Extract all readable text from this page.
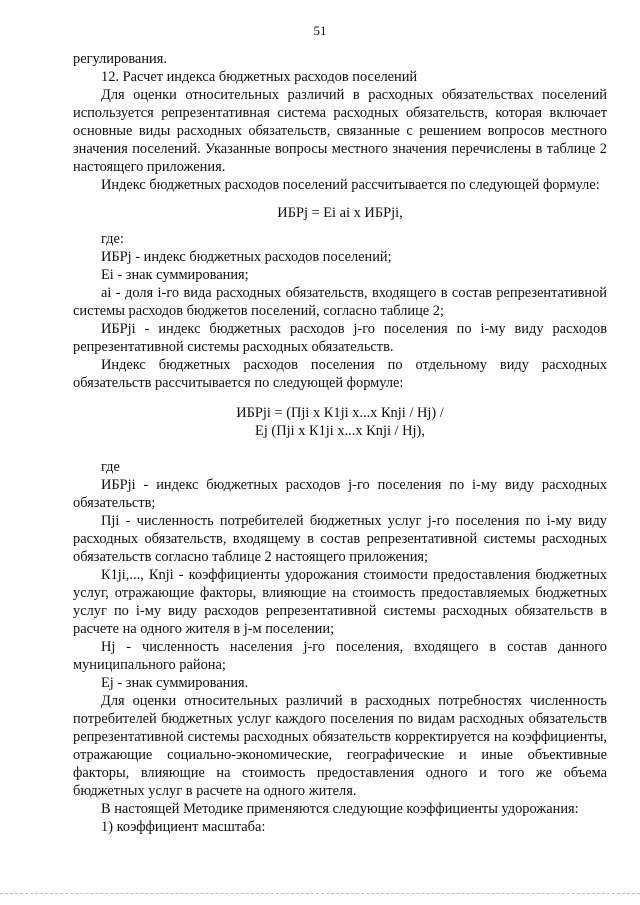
51

регулирования.

12. Расчет индекса бюджетных расходов поселений

Для оценки относительных различий в расходных обязательствах поселений используется репрезентативная система расходных обязательств, которая включает основные виды расходных обязательств, связанные с решением вопросов местного значения поселений. Указанные вопросы местного значения перечислены в таблице 2 настоящего приложения.

Индекс бюджетных расходов поселений рассчитывается по следующей формуле:

ИБРj = Ei ai x ИБРji,

где:

ИБРj - индекс бюджетных расходов поселений;

Ei - знак суммирования;

ai - доля i-го вида расходных обязательств, входящего в состав репрезентативной системы расходов бюджетов поселений, согласно таблице 2;

ИБРji - индекс бюджетных расходов j-го поселения по i-му виду расходов репрезентативной системы расходных обязательств.

Индекс бюджетных расходов поселения по отдельному виду расходных обязательств рассчитывается по следующей формуле:

ИБРji = (Пji x К1ji x...x Кnji / Hj) /

Ej (Пji x К1ji x...x Кnji / Hj),

где

ИБРji - индекс бюджетных расходов j-го поселения по i-му виду расходных обязательств;

Пji - численность потребителей бюджетных услуг j-го поселения по i-му виду расходных обязательств, входящему в состав репрезентативной системы расходных обязательств согласно таблице 2 настоящего приложения;

К1ji,..., Кnji - коэффициенты удорожания стоимости предоставления бюджетных услуг, отражающие факторы, влияющие на стоимость предоставляемых бюджетных услуг по i-му виду расходов репрезентативной системы расходных обязательств в расчете на одного жителя в j-м поселении;

Hj - численность населения j-го поселения, входящего в состав данного муниципального района;

Ej - знак суммирования.

Для оценки относительных различий в расходных потребностях численность потребителей бюджетных услуг каждого поселения по видам расходных обязательств репрезентативной системы расходных обязательств корректируется на коэффициенты, отражающие социально-экономические, географические и иные объективные факторы, влияющие на стоимость предоставления одного и того же объема бюджетных услуг в расчете на одного жителя.

В настоящей Методике применяются следующие коэффициенты удорожания:

1) коэффициент масштаба:
